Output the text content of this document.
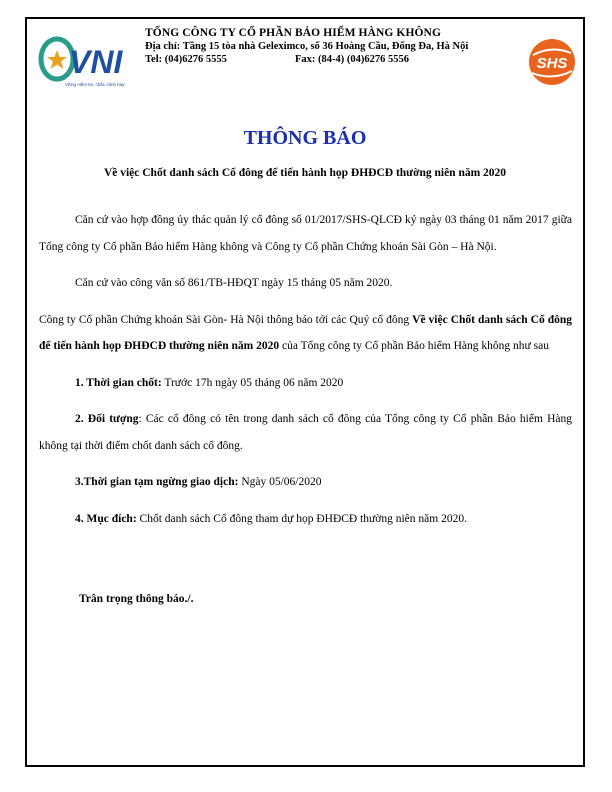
VNI
Vững niềm tin, chắc cánh bay
TỔNG CÔNG TY CỔ PHẦN BẢO HIỂM HÀNG KHÔNG
Địa chỉ: Tầng 15 tòa nhà Geleximco, số 36 Hoàng Cầu, Đống Đa, Hà Nội
Tel: (04)6276 5555	Fax: (84-4) (04)6276 5556	SHS
THÔNG BÁO
Về việc Chốt danh sách Cổ đông để tiến hành họp ĐHĐCĐ thường niên năm 2020

Căn cứ vào hợp đồng ủy thác quản lý cổ đông số 01/2017/SHS-QLCĐ ký ngày 03 tháng 01 năm 2017 giữa Tổng công ty Cổ phần Bảo hiểm Hàng không và Công ty Cổ phần Chứng khoán Sài Gòn – Hà Nội.

Căn cứ vào công văn số 861/TB-HĐQT ngày 15 tháng 05 năm 2020.

Công ty Cổ phần Chứng khoán Sài Gòn- Hà Nội thông báo tới các Quý cổ đông Về việc Chốt danh sách Cổ đông để tiến hành họp ĐHĐCĐ thường niên năm 2020 của Tổng công ty Cổ phần Bảo hiểm Hàng không như sau

1. Thời gian chốt: Trước 17h ngày 05 tháng 06 năm 2020

2. Đối tượng: Các cổ đông có tên trong danh sách cổ đông của Tổng công ty Cổ phần Bảo hiểm Hàng không tại thời điểm chốt danh sách cổ đông.

3.Thời gian tạm ngừng giao dịch: Ngày 05/06/2020

4. Mục đích: Chốt danh sách Cổ đông tham dự họp ĐHĐCĐ thường niên năm 2020.

Trân trọng thông báo./.
